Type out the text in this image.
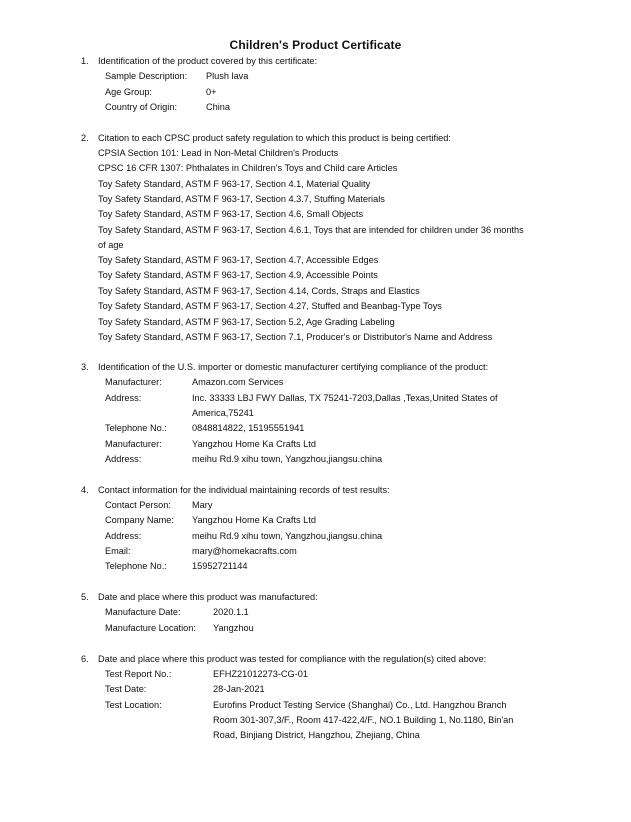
Children's Product Certificate
1. Identification of the product covered by this certificate:
Sample Description: Plush lava
Age Group:	0+
Country of Origin:	China
2. Citation to each CPSC product safety regulation to which this product is being certified:
CPSIA Section 101: Lead in Non-Metal Children's Products
CPSC 16 CFR 1307: Phthalates in Children's Toys and Child care Articles
Toy Safety Standard, ASTM F 963-17, Section 4.1, Material Quality
Toy Safety Standard, ASTM F 963-17, Section 4.3.7, Stuffing Materials
Toy Safety Standard, ASTM F 963-17, Section 4.6, Small Objects
Toy Safety Standard, ASTM F 963-17, Section 4.6.1, Toys that are intended for children under 36 months
of age
Toy Safety Standard, ASTM F 963-17, Section 4.7, Accessible Edges
Toy Safety Standard, ASTM F 963-17, Section 4.9, Accessible Points
Toy Safety Standard, ASTM F 963-17, Section 4.14, Cords, Straps and Elastics
Toy Safety Standard, ASTM F 963-17, Section 4.27, Stuffed and Beanbag-Type Toys
Toy Safety Standard, ASTM F 963-17, Section 5.2, Age Grading Labeling
Toy Safety Standard, ASTM F 963-17, Section 7.1, Producer's or Distributor's Name and Address
3. Identification of the U.S. importer or domestic manufacturer certifying compliance of the product:
Manufacturer:	Amazon.com Services
Address:	Inc. 33333 LBJ FWY Dallas, TX 75241-7203,Dallas ,Texas,United States of
America,75241
Telephone No.:	0848814822, 15195551941
Manufacturer:	Yangzhou Home Ka Crafts Ltd
Address:	meihu Rd.9 xihu town, Yangzhou,jiangsu.china
4. Contact information for the individual maintaining records of test results:
Contact Person: Mary
Company Name: Yangzhou Home Ka Crafts Ltd
Address:	meihu Rd.9 xihu town, Yangzhou,jiangsu.china
Email:	mary@homekacrafts.com
Telephone No.:	15952721144
5. Date and place where this product was manufactured:
Manufacture Date:	2020.1.1
Manufacture Location: Yangzhou
6. Date and place where this product was tested for compliance with the regulation(s) cited above:
Test Report No.:	EFHZ21012273-CG-01
Test Date:	28-Jan-2021
Test Location:	Eurofins Product Testing Service (Shanghai) Co., Ltd. Hangzhou Branch
Room 301-307,3/F., Room 417-422,4/F., NO.1 Building 1, No.1180, Bin'an
Road, Binjiang District, Hangzhou, Zhejiang, China
